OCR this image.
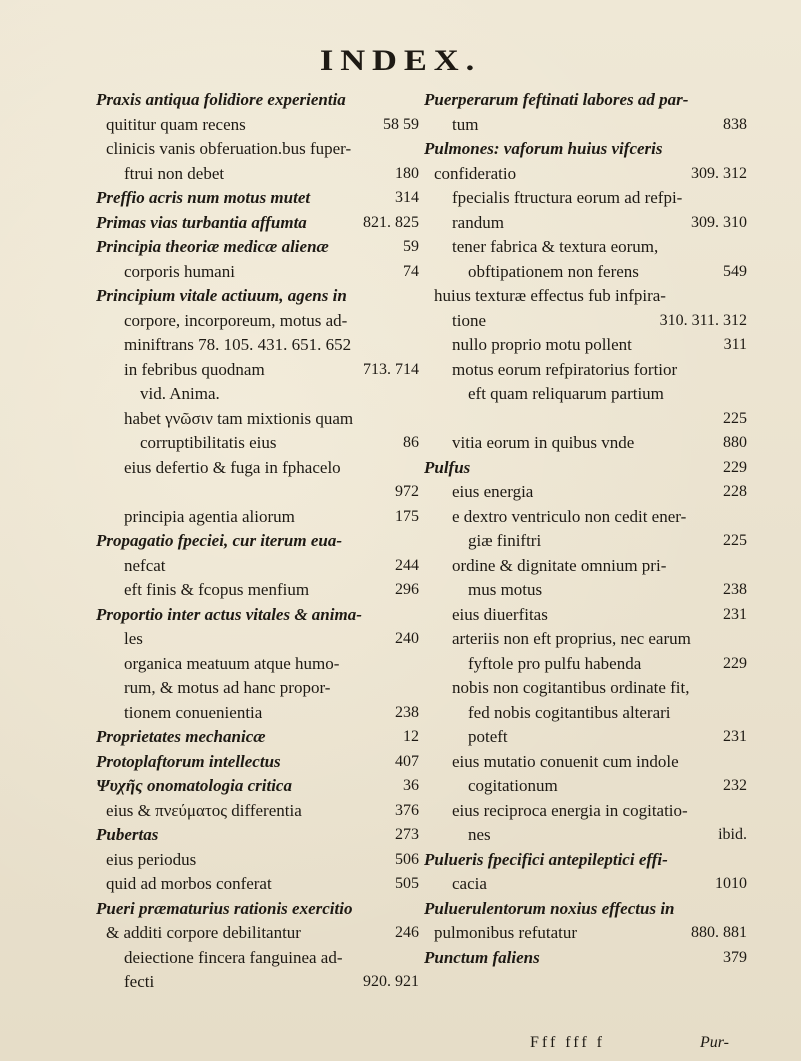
INDEX.
Praxis antiqua folidiore experientia
quititur quam recens	58 59
clinicis vanis obferuation.bus fuper-
ftrui non debet	180
Preffio acris num motus mutet	314
Primas vias turbantia affumta	821. 825
Principia theoriæ medicæ alienæ	59
corporis humani	74
Principium vitale actiuum, agens in
corpore, incorporeum, motus ad-
miniftrans 78. 105. 431. 651. 652
in febribus quodnam	713. 714
vid. Anima.
habet γνῶσιν tam mixtionis quam
corruptibilitatis eius	86
eius defertio & fuga in fphacelo
972
principia agentia aliorum	175
Propagatio fpeciei, cur iterum eua-
nefcat	244
eft finis & fcopus menfium	296
Proportio inter actus vitales & anima-
les	240
organica meatuum atque humo-
rum, & motus ad hanc propor-
tionem conuenientia	238
Proprietates mechanicæ	12
Protoplaftorum intellectus	407
Ψυχῆς onomatologia critica	36
eius & πνεύματος differentia	376
Pubertas	273
eius periodus	506
quid ad morbos conferat	505
Pueri præmaturius rationis exercitio
& additi corpore debilitantur	246
deiectione fincera fanguinea ad-
fecti	920. 921
Puerperarum feftinati labores ad par-
tum	838
Pulmones: vaforum huius vifceris
confideratio	309. 312
fpecialis ftructura eorum ad refpi-
randum	309. 310
tener fabrica & textura eorum,
obftipationem non ferens	549
huius texturæ effectus fub infpira-
tione	310. 311. 312
nullo proprio motu pollent	311
motus eorum refpiratorius fortior
eft quam reliquarum partium
225
vitia eorum in quibus vnde	880
Pulfus	229
eius energia	228
e dextro ventriculo non cedit ener-
giæ finiftri	225
ordine & dignitate omnium pri-
mus motus	238
eius diuerfitas	231
arteriis non eft proprius, nec earum
fyftole pro pulfu habenda	229
nobis non cogitantibus ordinate fit,
fed nobis cogitantibus alterari
poteft	231
eius mutatio conuenit cum indole
cogitationum	232
eius reciproca energia in cogitatio-
nes	ibid.
Pulueris fpecifici antepileptici effi-
cacia	1010
Puluerulentorum noxius effectus in
pulmonibus refutatur	880. 881
Punctum faliens	379
Fff fff f	Pur-
